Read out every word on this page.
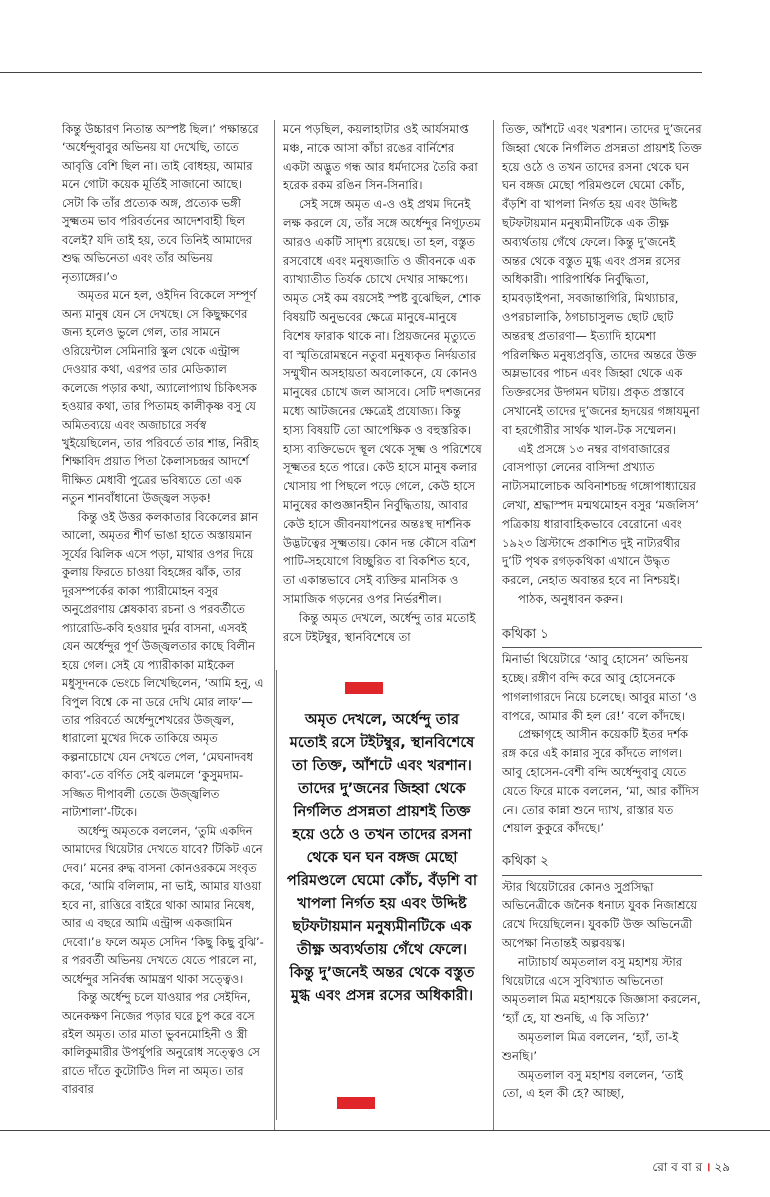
কিন্তু উচ্চারণ নিতান্ত অস্পষ্ট ছিল।’ পক্ষান্তরে ‘অর্ধেন্দুবাবুর অভিনয় যা দেখেছি, তাতে আবৃত্তি বেশি ছিল না। তাই বোধহয়, আমার মনে গোটা কয়েক মূর্তিই সাজানো আছে। সেটা কি তাঁর প্রত্যেক অঙ্গ, প্রত্যেক ভঙ্গী সুক্ষ্মতম ভাব পরিবর্তনের আদেশবাহী ছিল বলেই? যদি তাই হয়, তবে তিনিই আমাদের শুদ্ধ অভিনেতা এবং তাঁর অভিনয় নৃত্যাঙ্গের।’৩

অমৃতর মনে হল, ওইদিন বিকেলে সম্পূর্ণ অন্য মানুষ যেন সে দেখছে। সে কিছুক্ষণের জন্য হলেও ভুলে গেল, তার সামনে ওরিয়েন্টাল সেমিনারি স্কুল থেকে এন্ট্রান্স দেওয়ার কথা, এরপর তার মেডিক্যাল কলেজে পড়ার কথা, অ্যালোপ্যাথ চিকিৎসক হওয়ার কথা, তার পিতামহ কালীকৃষ্ণ বসু যে অমিতব্যয়ে এবং অজাচারে সর্বস্ব খুইয়েছিলেন, তার পরিবর্তে তার শান্ত, নিরীহ শিক্ষাবিদ প্রয়াত পিতা কৈলাসচন্দ্রর আদর্শে দীক্ষিত মেধাবী পুত্রের ভবিষ্যতে তো এক নতুন শানবাঁধানো উজ্জ্বল সড়ক!

কিন্তু ওই উত্তর কলকাতার বিকেলের ম্লান আলো, অমৃতর শীর্ণ ভাঙা হাতে অস্তায়মান সূর্যের ঝিলিক এসে পড়া, মাথার ওপর দিয়ে কুলায় ফিরতে চাওয়া বিহঙ্গের ঝাঁক, তার দূরসম্পর্কের কাকা প্যারীমোহন বসুর অনুপ্রেরণায় শ্লেষকাব্য রচনা ও পরবর্তীতে প্যারোডি-কবি হওয়ার দুর্মর বাসনা, এসবই যেন অর্ধেন্দুর পূর্ণ উজ্জ্বলতার কাছে বিলীন হয়ে গেল। সেই যে প্যারীকাকা মাইকেল মধুসূদনকে ভেংচে লিখেছিলেন, ‘আমি হনু, এ বিপুল বিশ্বে কে না ডরে দেখি মোর লাফ’— তার পরিবর্তে অর্ধেন্দুশেখরের উজ্জ্বল, ধারালো মুখের দিকে তাকিয়ে অমৃত কল্পনাচোখে যেন দেখতে পেল, ‘মেঘনাদবধ কাব্য’-তে বর্ণিত সেই ঝলমলে ‘কুসুমদাম-সজ্জিত দীপাবলী তেজে উজ্জ্বলিত নাট্যশালা’-টিকে।

অর্ধেন্দু অমৃতকে বললেন, ‘তুমি একদিন আমাদের থিয়েটার দেখতে যাবে? টিকিট এনে দেব।’ মনের রুদ্ধ বাসনা কোনওরকমে সংবৃত করে, ‘আমি বলিলাম, না ভাই, আমার যাওয়া হবে না, রাত্তিরে বাইরে থাকা আমার নিষেধ, আর এ বছরে আমি এন্ট্রান্স একজামিন দেবো।’৪ ফলে অমৃত সেদিন ‘কিছু কিছু বুঝি’-র পরবর্তী অভিনয় দেখতে যেতে পারলে না, অর্ধেন্দুর সনির্বন্ধ আমন্ত্রণ থাকা সত্ত্বেও।

কিন্তু অর্ধেন্দু চলে যাওয়ার পর সেইদিন, অনেকক্ষণ নিজের পড়ার ঘরে চুপ করে বসে রইল অমৃত। তার মাতা ভুবনমোহিনী ও স্ত্রী কালিকুমারীর উপর্যুপরি অনুরোধ সত্ত্বেও সে রাতে দাঁতে কুটোটিও দিল না অমৃত। তার বারবার

মনে পড়ছিল, কয়লাহাটার ওই আর্যসমাপ্ত মঞ্চ, নাকে আসা কাঁচা রঙের বার্নিশের একটা অদ্ভুত গন্ধ আর ধর্মদাসের তৈরি করা হরেক রকম রঙিন সিন-সিনারি।

সেই সঙ্গে অমৃত এ-ও ওই প্রথম দিনেই লক্ষ করলে যে, তাঁর সঙ্গে অর্ধেন্দুর নিগূঢ়তম আরও একটি সাদৃশ্য রয়েছে। তা হল, বস্তুত রসবোধে এবং মনুষ্যজাতি ও জীবনকে এক ব্যাখ্যাতীত তির্যক চোখে দেখার সাক্ষপ্যে। অমৃত সেই কম বয়সেই স্পষ্ট বুঝেছিল, শোক বিষয়টি অনুভবের ক্ষেত্রে মানুষে-মানুষে বিশেষ ফারাক থাকে না। প্রিয়জনের মৃত্যুতে বা স্মৃতিরোমন্থনে নতুবা মনুষ্যকৃত নির্দয়তার সম্মুখীন অসহায়তা অবলোকনে, যে কোনও মানুষের চোখে জল আসবে। সেটি দশজনের মধ্যে আটজনের ক্ষেত্রেই প্রযোজ্য। কিন্তু হাস্য বিষয়টি তো আপেক্ষিক ও বহুস্তরিক। হাস্য ব্যক্তিভেদে স্থূল থেকে সূক্ষ্ম ও পরিশেষে সূক্ষ্মতর হতে পারে। কেউ হাসে মানুষ কলার খোসায় পা পিছলে পড়ে গেলে, কেউ হাসে মানুষের কাণ্ডজ্ঞানহীন নির্বুদ্ধিতায়, আবার কেউ হাসে জীবনযাপনের অন্তঃস্থ দার্শনিক উদ্ভটত্বের সূক্ষ্মতায়। কোন দন্ত কৌসে বত্রিশ পাটি-সহযোগে বিচ্ছুরিত বা বিকশিত হবে, তা একান্তভাবে সেই ব্যক্তির মানসিক ও সামাজিক গড়নের ওপর নির্ভরশীল।

কিন্তু অমৃত দেখলে, অর্ধেন্দু তার মতোই রসে টইটম্বুর, স্থানবিশেষে তা

অমৃত দেখলে, অর্ধেন্দু তার মতোই রসে টইটম্বুর, স্থানবিশেষে তা তিক্ত, আঁশটে এবং খরশান। তাদের দু’জনের জিহ্বা থেকে নির্গলিত প্রসন্নতা প্রায়শই তিক্ত হয়ে ওঠে ও তখন তাদের রসনা থেকে ঘন ঘন বঙ্গজ মেছো পরিমণ্ডলে ঘেমো কোঁচ, বঁড়শি বা খাপলা নির্গত হয় এবং উদ্দিষ্ট ছটফটায়মান মনুষ্যমীনটিকে এক তীক্ষ্ণ অব্যর্থতায় গেঁথে ফেলে। কিন্তু দু’জনেই অন্তর থেকে বস্তুত মুগ্ধ এবং প্রসন্ন রসের অধিকারী।

তিক্ত, আঁশটে এবং খরশান। তাদের দু’জনের জিহ্বা থেকে নির্গলিত প্রসন্নতা প্রায়শই তিক্ত হয়ে ওঠে ও তখন তাদের রসনা থেকে ঘন ঘন বঙ্গজ মেছো পরিমণ্ডলে ঘেমো কোঁচ, বঁড়শি বা খাপলা নির্গত হয় এবং উদ্দিষ্ট ছটফটায়মান মনুষ্যমীনটিকে এক তীক্ষ্ণ অব্যর্থতায় গেঁথে ফেলে। কিন্তু দু’জনেই অন্তর থেকে বস্তুত মুগ্ধ এবং প্রসন্ন রসের অধিকারী। পারিপার্শ্বিক নির্বুদ্ধিতা, হামবড়াইপনা, সবজান্তাগিরি, মিথ্যাচার, ওপরচালাকি, ঠগচাচাসুলভ ছোট ছোট অন্তরস্থ প্রতারণা— ইত্যাদি হামেশা পরিলক্ষিত মনুষ্যপ্রবৃত্তি, তাদের অন্তরে উক্ত অম্লভাবের পাচন এবং জিহ্বা থেকে এক তিক্তরসের উদ্গমন ঘটায়। প্রকৃত প্রস্তাবে সেখানেই তাদের দু’জনের হৃদয়ের গঙ্গাযমুনা বা হরগৌরীর সার্থক খাল-টক সম্মেলন।

এই প্রসঙ্গে ১৩ নম্বর বাগবাজারের বোসপাড়া লেনের বাসিন্দা প্রখ্যাত নাট্যসমালোচক অবিনাশচন্দ্র গঙ্গোপাধ্যায়ের লেখা, শ্রদ্ধাস্পদ মন্মথমোহন বসুর ‘মজলিস’ পত্রিকায় ধারাবাহিকভাবে বেরোনো এবং ১৯২৩ খ্রিস্টাব্দে প্রকাশিত দুই নাট্যরথীর দু’টি পৃথক রগড়কথিকা এখানে উদ্ধৃত করলে, নেহাত অবান্তর হবে না নিশ্চয়ই।

পাঠক, অনুধাবন করুন।

কথিকা ১

মিনার্ভা থিয়েটারে ‘আবু হোসেন’ অভিনয় হচ্ছে। রঙ্গীণ বন্দি করে আবু হোসেনকে পাগলাগারদে নিয়ে চলেছে। আবুর মাতা ‘ও বাপরে, আমার কী হল রে!’ বলে কাঁদছে।

প্রেক্ষাগৃহে আসীন কয়েকটি ইতর দর্শক রঙ্গ করে এই কান্নার সুরে কাঁদতে লাগল। আবু হোসেন-বেশী বন্দি অর্ধেন্দুবাবু যেতে যেতে ফিরে মাকে বললেন, ‘মা, আর কাঁদিস নে। তোর কান্না শুনে দ্যাখ, রাস্তার যত শেয়াল কুকুরে কাঁদছে।’

কথিকা ২

স্টার থিয়েটারের কোনও সুপ্রসিদ্ধা অভিনেত্রীকে জনৈক ধনাঢ্য যুবক নিজাশ্রয়ে রেখে দিয়েছিলেন। যুবকটি উক্ত অভিনেত্রী অপেক্ষা নিতান্তই অল্পবয়স্ক।

নাট্যাচার্য অমৃতলাল বসু মহাশয় স্টার থিয়েটারে এসে সুবিখ্যাত অভিনেতা অমৃতলাল মিত্র মহাশয়কে জিজ্ঞাসা করলেন, ‘হ্যাঁ হে, যা শুনছি, এ কি সত্যি?’

অমৃতলাল মিত্র বললেন, ‘হ্যাঁ, তা-ই শুনছি।’

অমৃতলাল বসু মহাশয় বললেন, ‘তাই তো, এ হল কী হে? আচ্ছা,

রো ব বা র । ২৯
